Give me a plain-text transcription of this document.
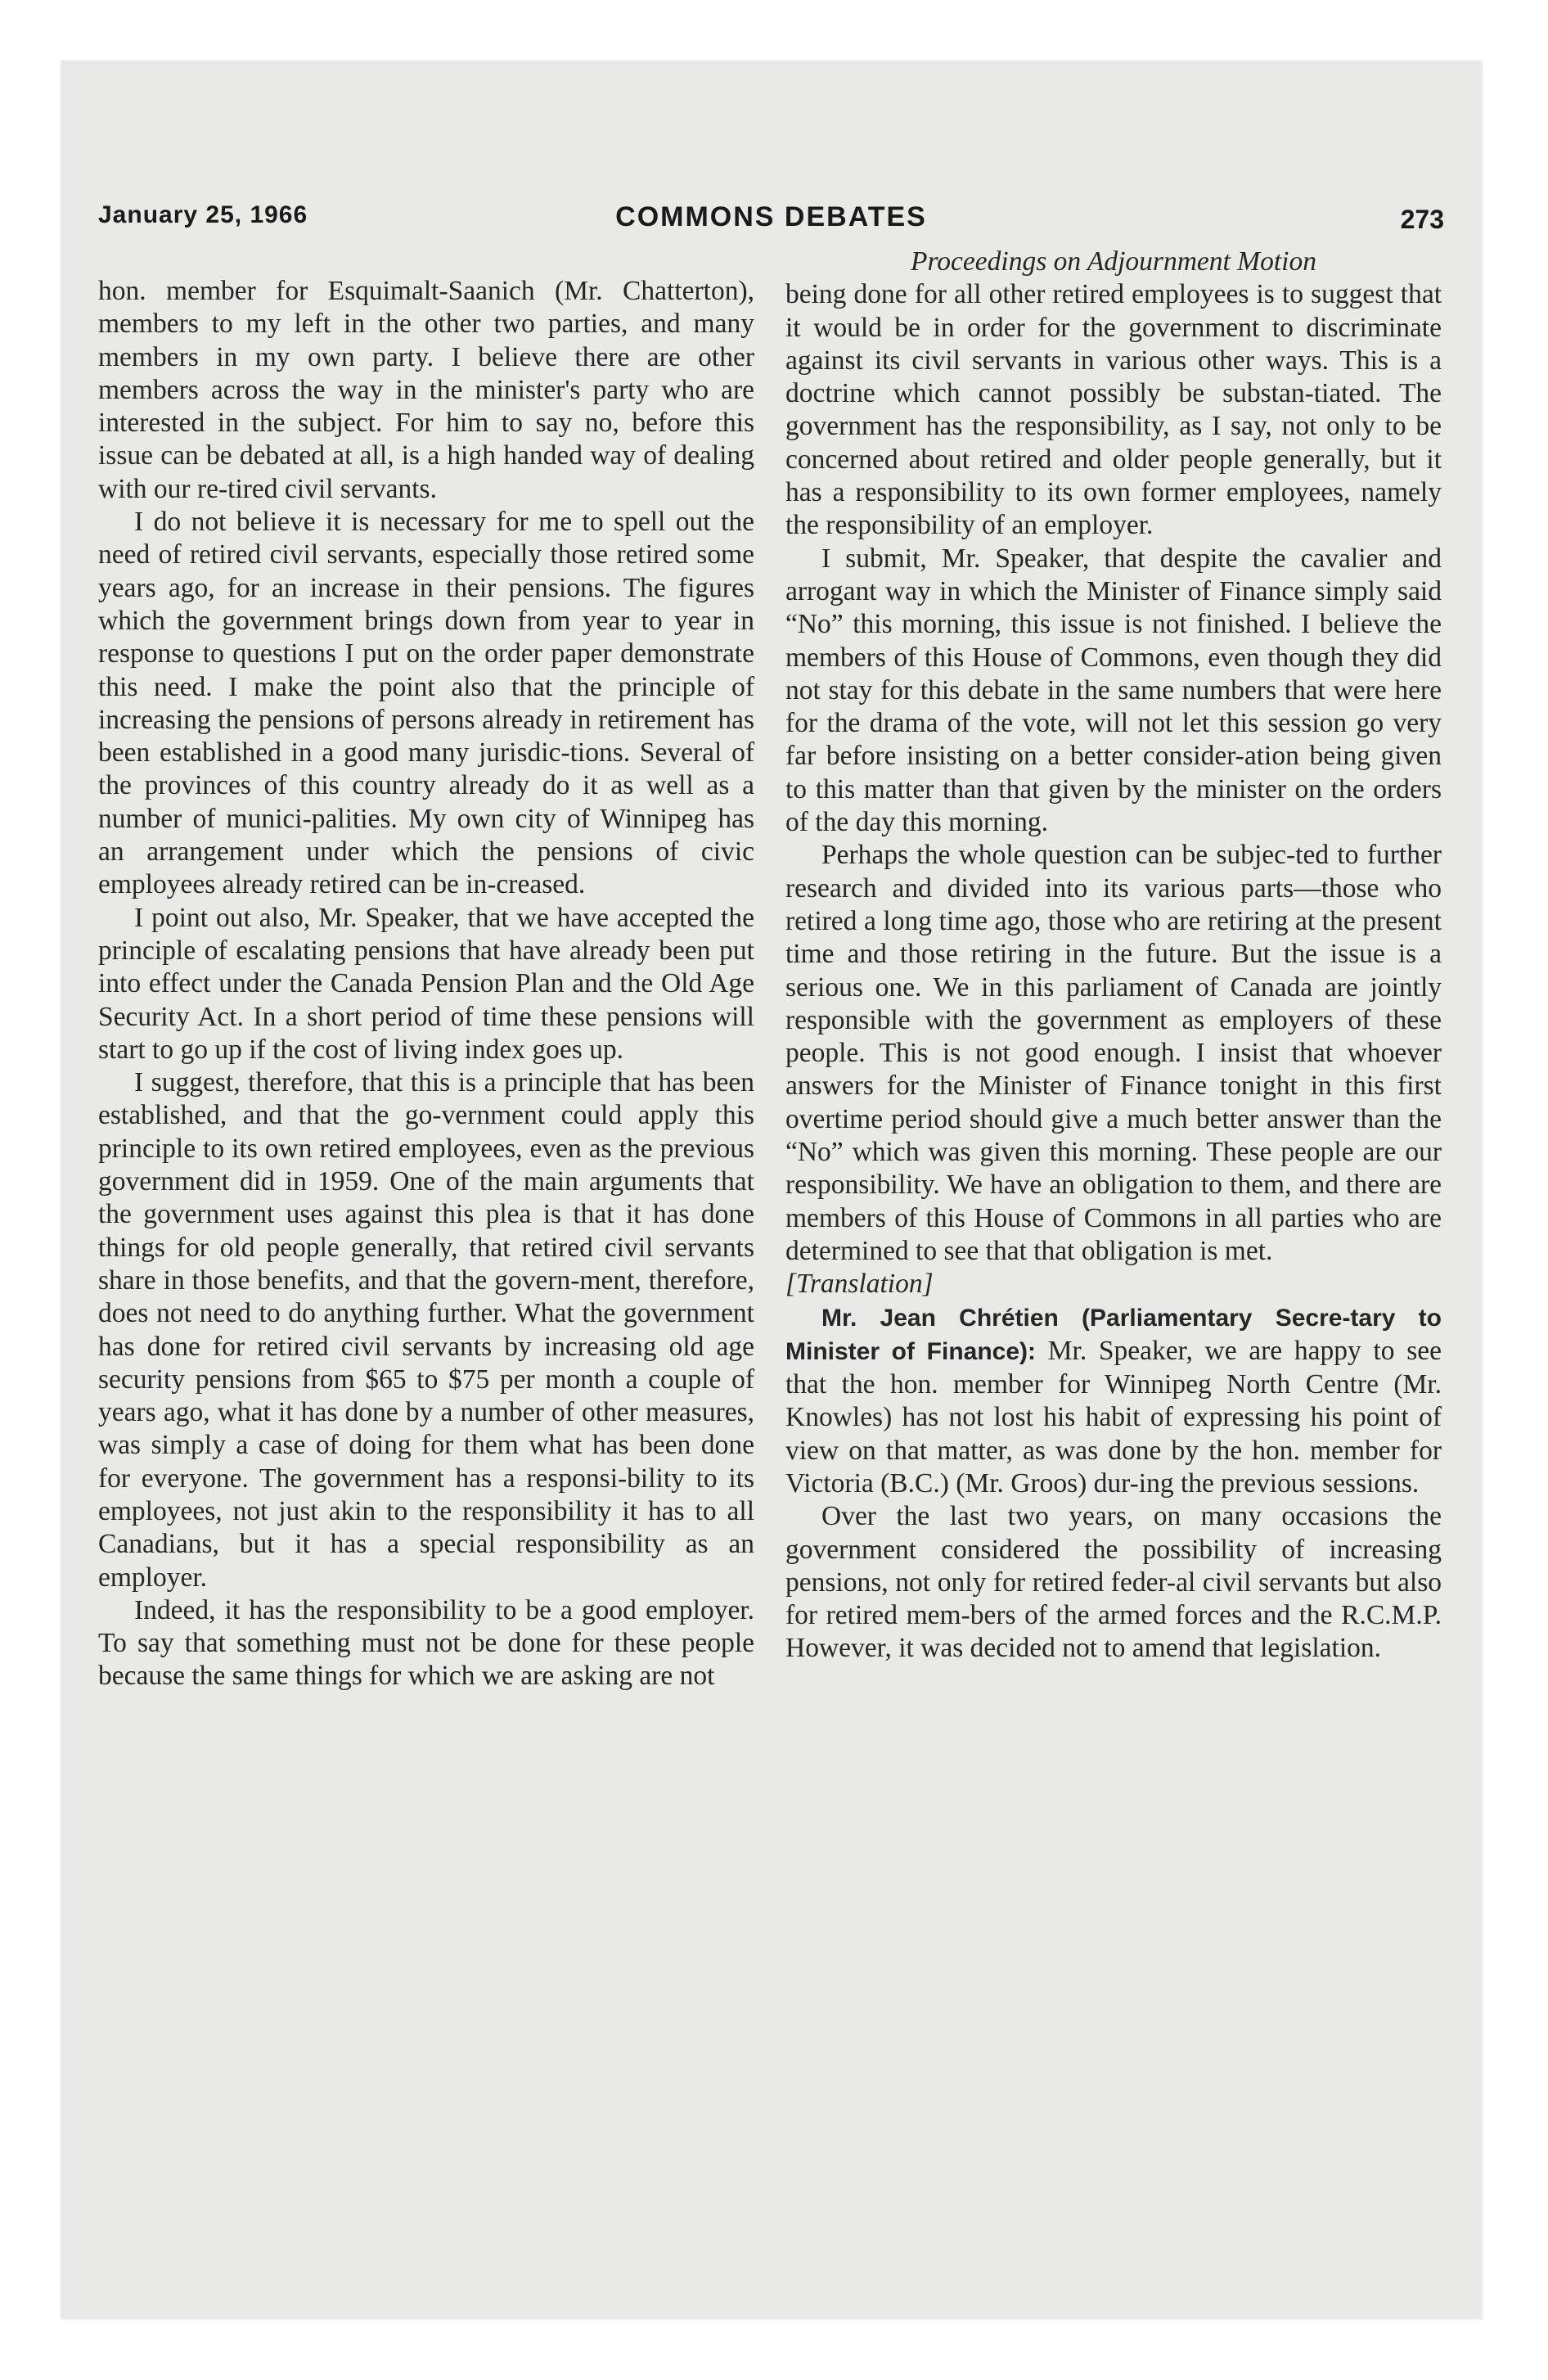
January 25, 1966	COMMONS DEBATES	273

hon. member for Esquimalt-Saanich (Mr. Chatterton), members to my left in the other two parties, and many members in my own party. I believe there are other members across the way in the minister's party who are interested in the subject. For him to say no, before this issue can be debated at all, is a high handed way of dealing with our re-tired civil servants.

I do not believe it is necessary for me to spell out the need of retired civil servants, especially those retired some years ago, for an increase in their pensions. The figures which the government brings down from year to year in response to questions I put on the order paper demonstrate this need. I make the point also that the principle of increasing the pensions of persons already in retirement has been established in a good many jurisdic-tions. Several of the provinces of this country already do it as well as a number of munici-palities. My own city of Winnipeg has an arrangement under which the pensions of civic employees already retired can be in-creased.

I point out also, Mr. Speaker, that we have accepted the principle of escalating pensions that have already been put into effect under the Canada Pension Plan and the Old Age Security Act. In a short period of time these pensions will start to go up if the cost of living index goes up.

I suggest, therefore, that this is a principle that has been established, and that the go-vernment could apply this principle to its own retired employees, even as the previous government did in 1959. One of the main arguments that the government uses against this plea is that it has done things for old people generally, that retired civil servants share in those benefits, and that the govern-ment, therefore, does not need to do anything further. What the government has done for retired civil servants by increasing old age security pensions from $65 to $75 per month a couple of years ago, what it has done by a number of other measures, was simply a case of doing for them what has been done for everyone. The government has a responsi-bility to its employees, not just akin to the responsibility it has to all Canadians, but it has a special responsibility as an employer.

Indeed, it has the responsibility to be a good employer. To say that something must not be done for these people because the same things for which we are asking are not

Proceedings on Adjournment Motion

being done for all other retired employees is to suggest that it would be in order for the government to discriminate against its civil servants in various other ways. This is a doctrine which cannot possibly be substan-tiated. The government has the responsibility, as I say, not only to be concerned about retired and older people generally, but it has a responsibility to its own former employees, namely the responsibility of an employer.

I submit, Mr. Speaker, that despite the cavalier and arrogant way in which the Minister of Finance simply said “No” this morning, this issue is not finished. I believe the members of this House of Commons, even though they did not stay for this debate in the same numbers that were here for the drama of the vote, will not let this session go very far before insisting on a better consider-ation being given to this matter than that given by the minister on the orders of the day this morning.

Perhaps the whole question can be subjec-ted to further research and divided into its various parts—those who retired a long time ago, those who are retiring at the present time and those retiring in the future. But the issue is a serious one. We in this parliament of Canada are jointly responsible with the government as employers of these people. This is not good enough. I insist that whoever answers for the Minister of Finance tonight in this first overtime period should give a much better answer than the “No” which was given this morning. These people are our responsibility. We have an obligation to them, and there are members of this House of Commons in all parties who are determined to see that that obligation is met.

[Translation]

Mr. Jean Chrétien (Parliamentary Secre-tary to Minister of Finance): Mr. Speaker, we are happy to see that the hon. member for Winnipeg North Centre (Mr. Knowles) has not lost his habit of expressing his point of view on that matter, as was done by the hon. member for Victoria (B.C.) (Mr. Groos) dur-ing the previous sessions.

Over the last two years, on many occasions the government considered the possibility of increasing pensions, not only for retired feder-al civil servants but also for retired mem-bers of the armed forces and the R.C.M.P. However, it was decided not to amend that legislation.
